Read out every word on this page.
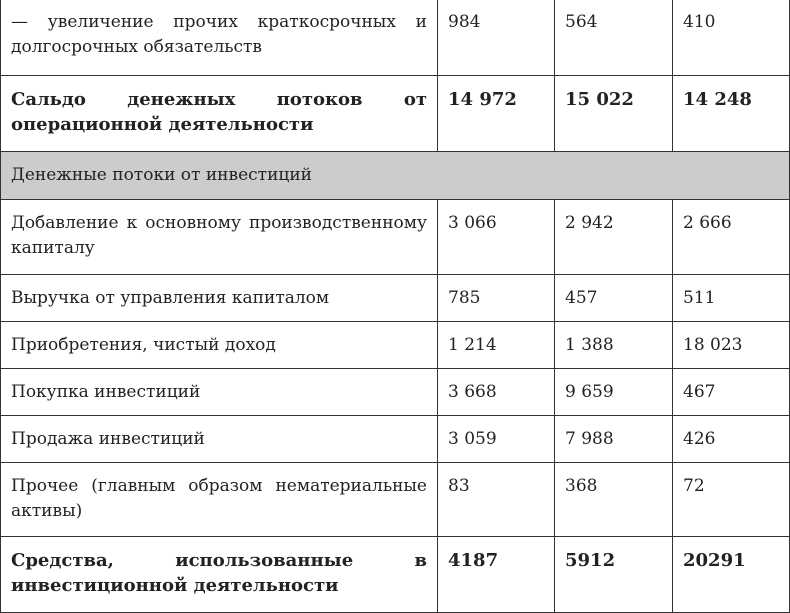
— увеличение прочих краткосрочных и долгосрочных обязательств	984	564	410
Сальдо денежных потоков от операционной деятельности	14 972	15 022	14 248
Денежные потоки от инвестиций			
Добавление к основному производственному капиталу	3 066	2 942	2 666
Выручка от управления капиталом	785	457	511
Приобретения, чистый доход	1 214	1 388	18 023
Покупка инвестиций	3 668	9 659	467
Продажа инвестиций	3 059	7 988	426
Прочее (главным образом нематериальные активы)	83	368	72
Средства, использованные в инвестиционной деятельности	4187	5912	20291
